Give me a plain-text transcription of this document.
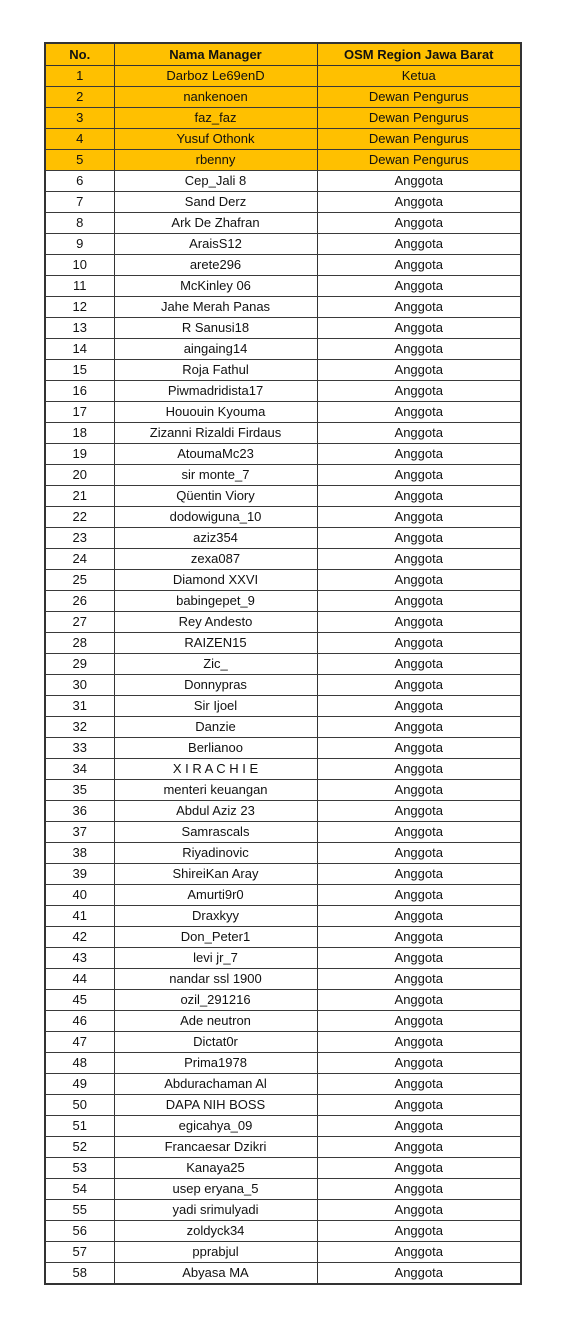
No.	Nama Manager	OSM Region Jawa Barat
1	Darboz Le69enD	Ketua
2	nankenoen	Dewan Pengurus
3	faz_faz	Dewan Pengurus
4	Yusuf Othonk	Dewan Pengurus
5	rbenny	Dewan Pengurus
6	Cep_Jali 8	Anggota
7	Sand Derz	Anggota
8	Ark De Zhafran	Anggota
9	AraisS12	Anggota
10	arete296	Anggota
11	McKinley 06	Anggota
12	Jahe Merah Panas	Anggota
13	R Sanusi18	Anggota
14	aingaing14	Anggota
15	Roja Fathul	Anggota
16	Piwmadridista17	Anggota
17	Hououin Kyouma	Anggota
18	Zizanni Rizaldi Firdaus	Anggota
19	AtoumaMc23	Anggota
20	sir monte_7	Anggota
21	Qüentin Viory	Anggota
22	dodowiguna_10	Anggota
23	aziz354	Anggota
24	zexa087	Anggota
25	Diamond XXVI	Anggota
26	babingepet_9	Anggota
27	Rey Andesto	Anggota
28	RAIZEN15	Anggota
29	Zic_	Anggota
30	Donnypras	Anggota
31	Sir Ijoel	Anggota
32	Danzie	Anggota
33	Berlianoo	Anggota
34	X I R A C H I E	Anggota
35	menteri keuangan	Anggota
36	Abdul Aziz 23	Anggota
37	Samrascals	Anggota
38	Riyadinovic	Anggota
39	ShireiKan Aray	Anggota
40	Amurti9r0	Anggota
41	Draxkyy	Anggota
42	Don_Peter1	Anggota
43	levi jr_7	Anggota
44	nandar ssl 1900	Anggota
45	ozil_291216	Anggota
46	Ade neutron	Anggota
47	Dictat0r	Anggota
48	Prima1978	Anggota
49	Abdurachaman Al	Anggota
50	DAPA NIH BOSS	Anggota
51	egicahya_09	Anggota
52	Francaesar Dzikri	Anggota
53	Kanaya25	Anggota
54	usep eryana_5	Anggota
55	yadi srimulyadi	Anggota
56	zoldyck34	Anggota
57	pprabjul	Anggota
58	Abyasa MA	Anggota
